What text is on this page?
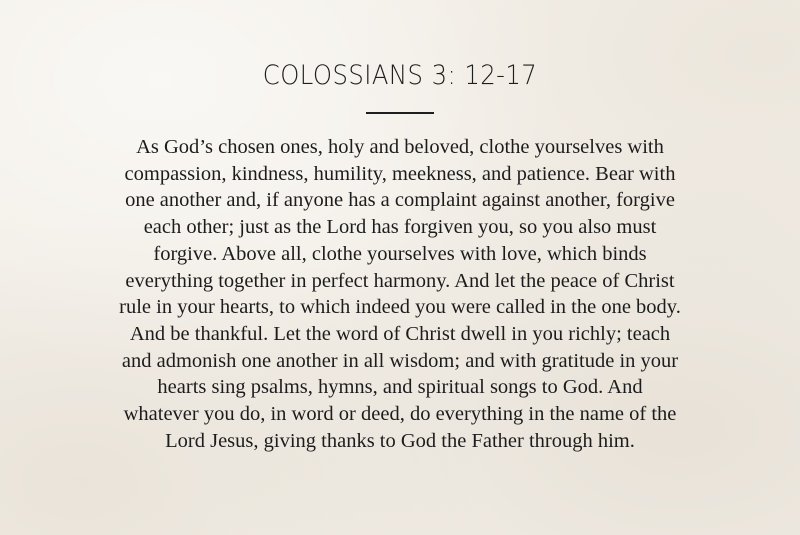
COLOSSIANS 3: 12-17

As God’s chosen ones, holy and beloved, clothe yourselves with
compassion, kindness, humility, meekness, and patience. Bear with
one another and, if anyone has a complaint against another, forgive
each other; just as the Lord has forgiven you, so you also must
forgive. Above all, clothe yourselves with love, which binds
everything together in perfect harmony. And let the peace of Christ
rule in your hearts, to which indeed you were called in the one body.
And be thankful. Let the word of Christ dwell in you richly; teach
and admonish one another in all wisdom; and with gratitude in your
hearts sing psalms, hymns, and spiritual songs to God. And
whatever you do, in word or deed, do everything in the name of the
Lord Jesus, giving thanks to God the Father through him.
